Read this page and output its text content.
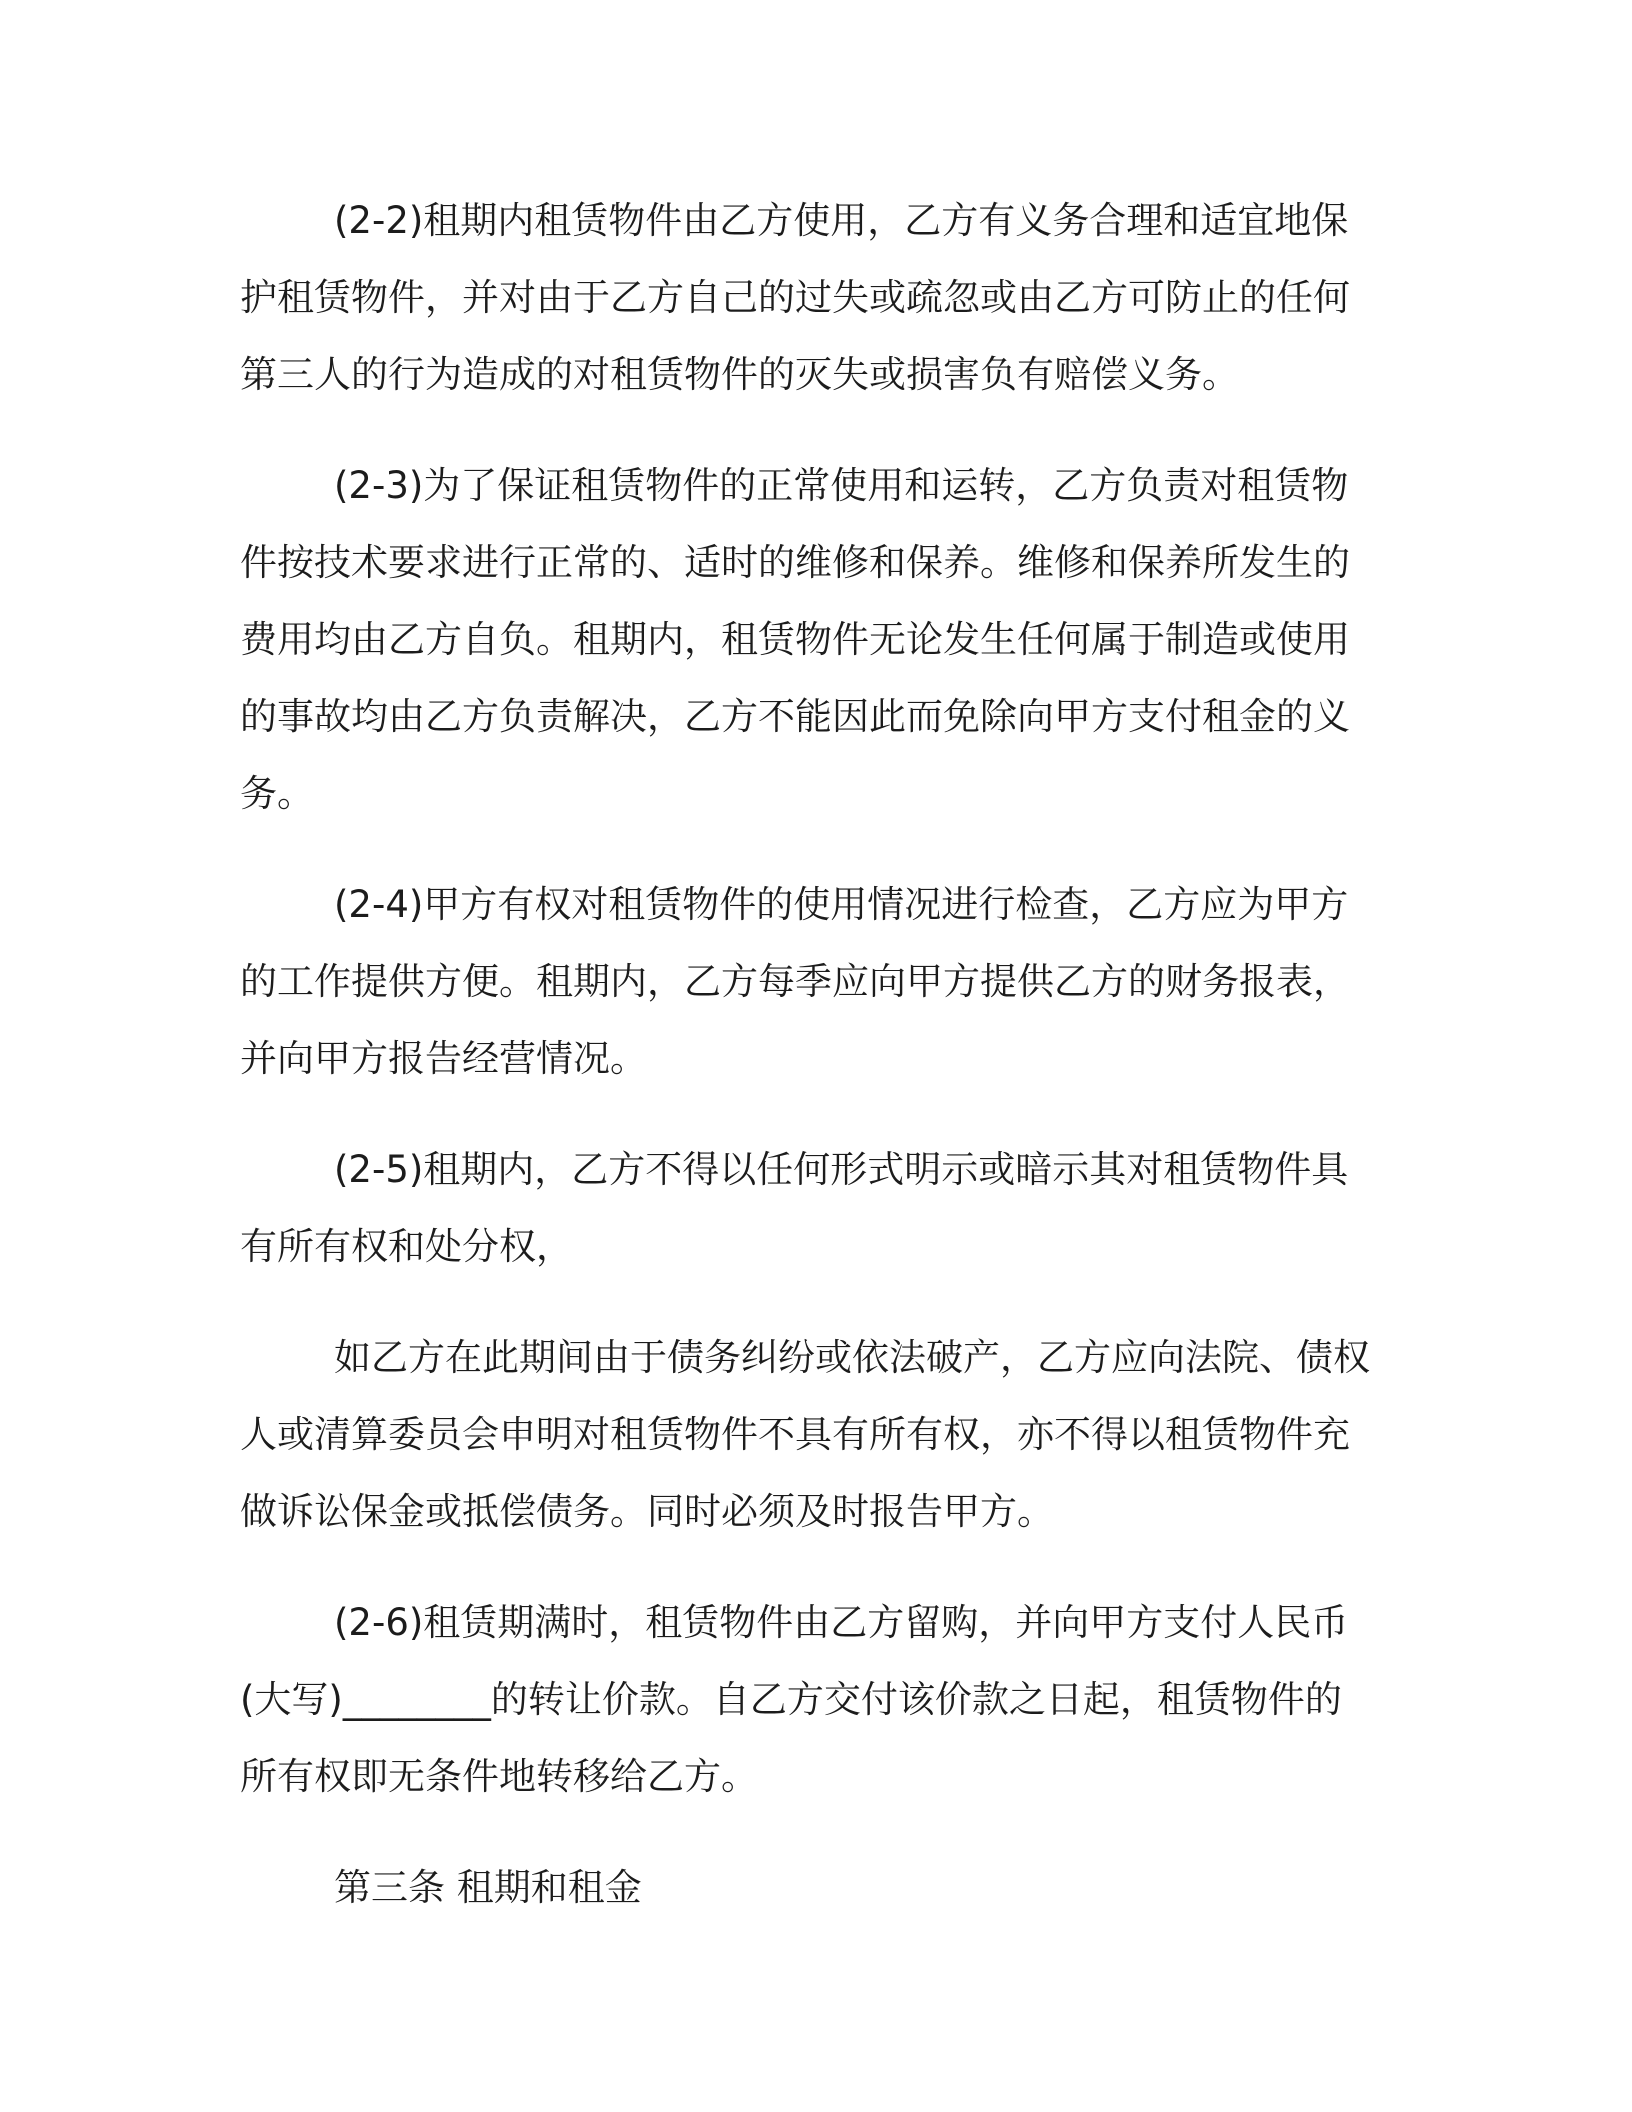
(2-2)租期内租赁物件由乙方使用，乙方有义务合理和适宜地保护租赁物件，并对由于乙方自己的过失或疏忽或由乙方可防止的任何第三人的行为造成的对租赁物件的灭失或损害负有赔偿义务。

(2-3)为了保证租赁物件的正常使用和运转，乙方负责对租赁物件按技术要求进行正常的、适时的维修和保养。维修和保养所发生的费用均由乙方自负。租期内，租赁物件无论发生任何属于制造或使用的事故均由乙方负责解决，乙方不能因此而免除向甲方支付租金的义务。

(2-4)甲方有权对租赁物件的使用情况进行检查，乙方应为甲方的工作提供方便。租期内，乙方每季应向甲方提供乙方的财务报表，并向甲方报告经营情况。

(2-5)租期内，乙方不得以任何形式明示或暗示其对租赁物件具有所有权和处分权，

如乙方在此期间由于债务纠纷或依法破产，乙方应向法院、债权人或清算委员会申明对租赁物件不具有所有权，亦不得以租赁物件充做诉讼保金或抵偿债务。同时必须及时报告甲方。

(2-6)租赁期满时，租赁物件由乙方留购，并向甲方支付人民币(大写)________的转让价款。自乙方交付该价款之日起，租赁物件的所有权即无条件地转移给乙方。

第三条 租期和租金
